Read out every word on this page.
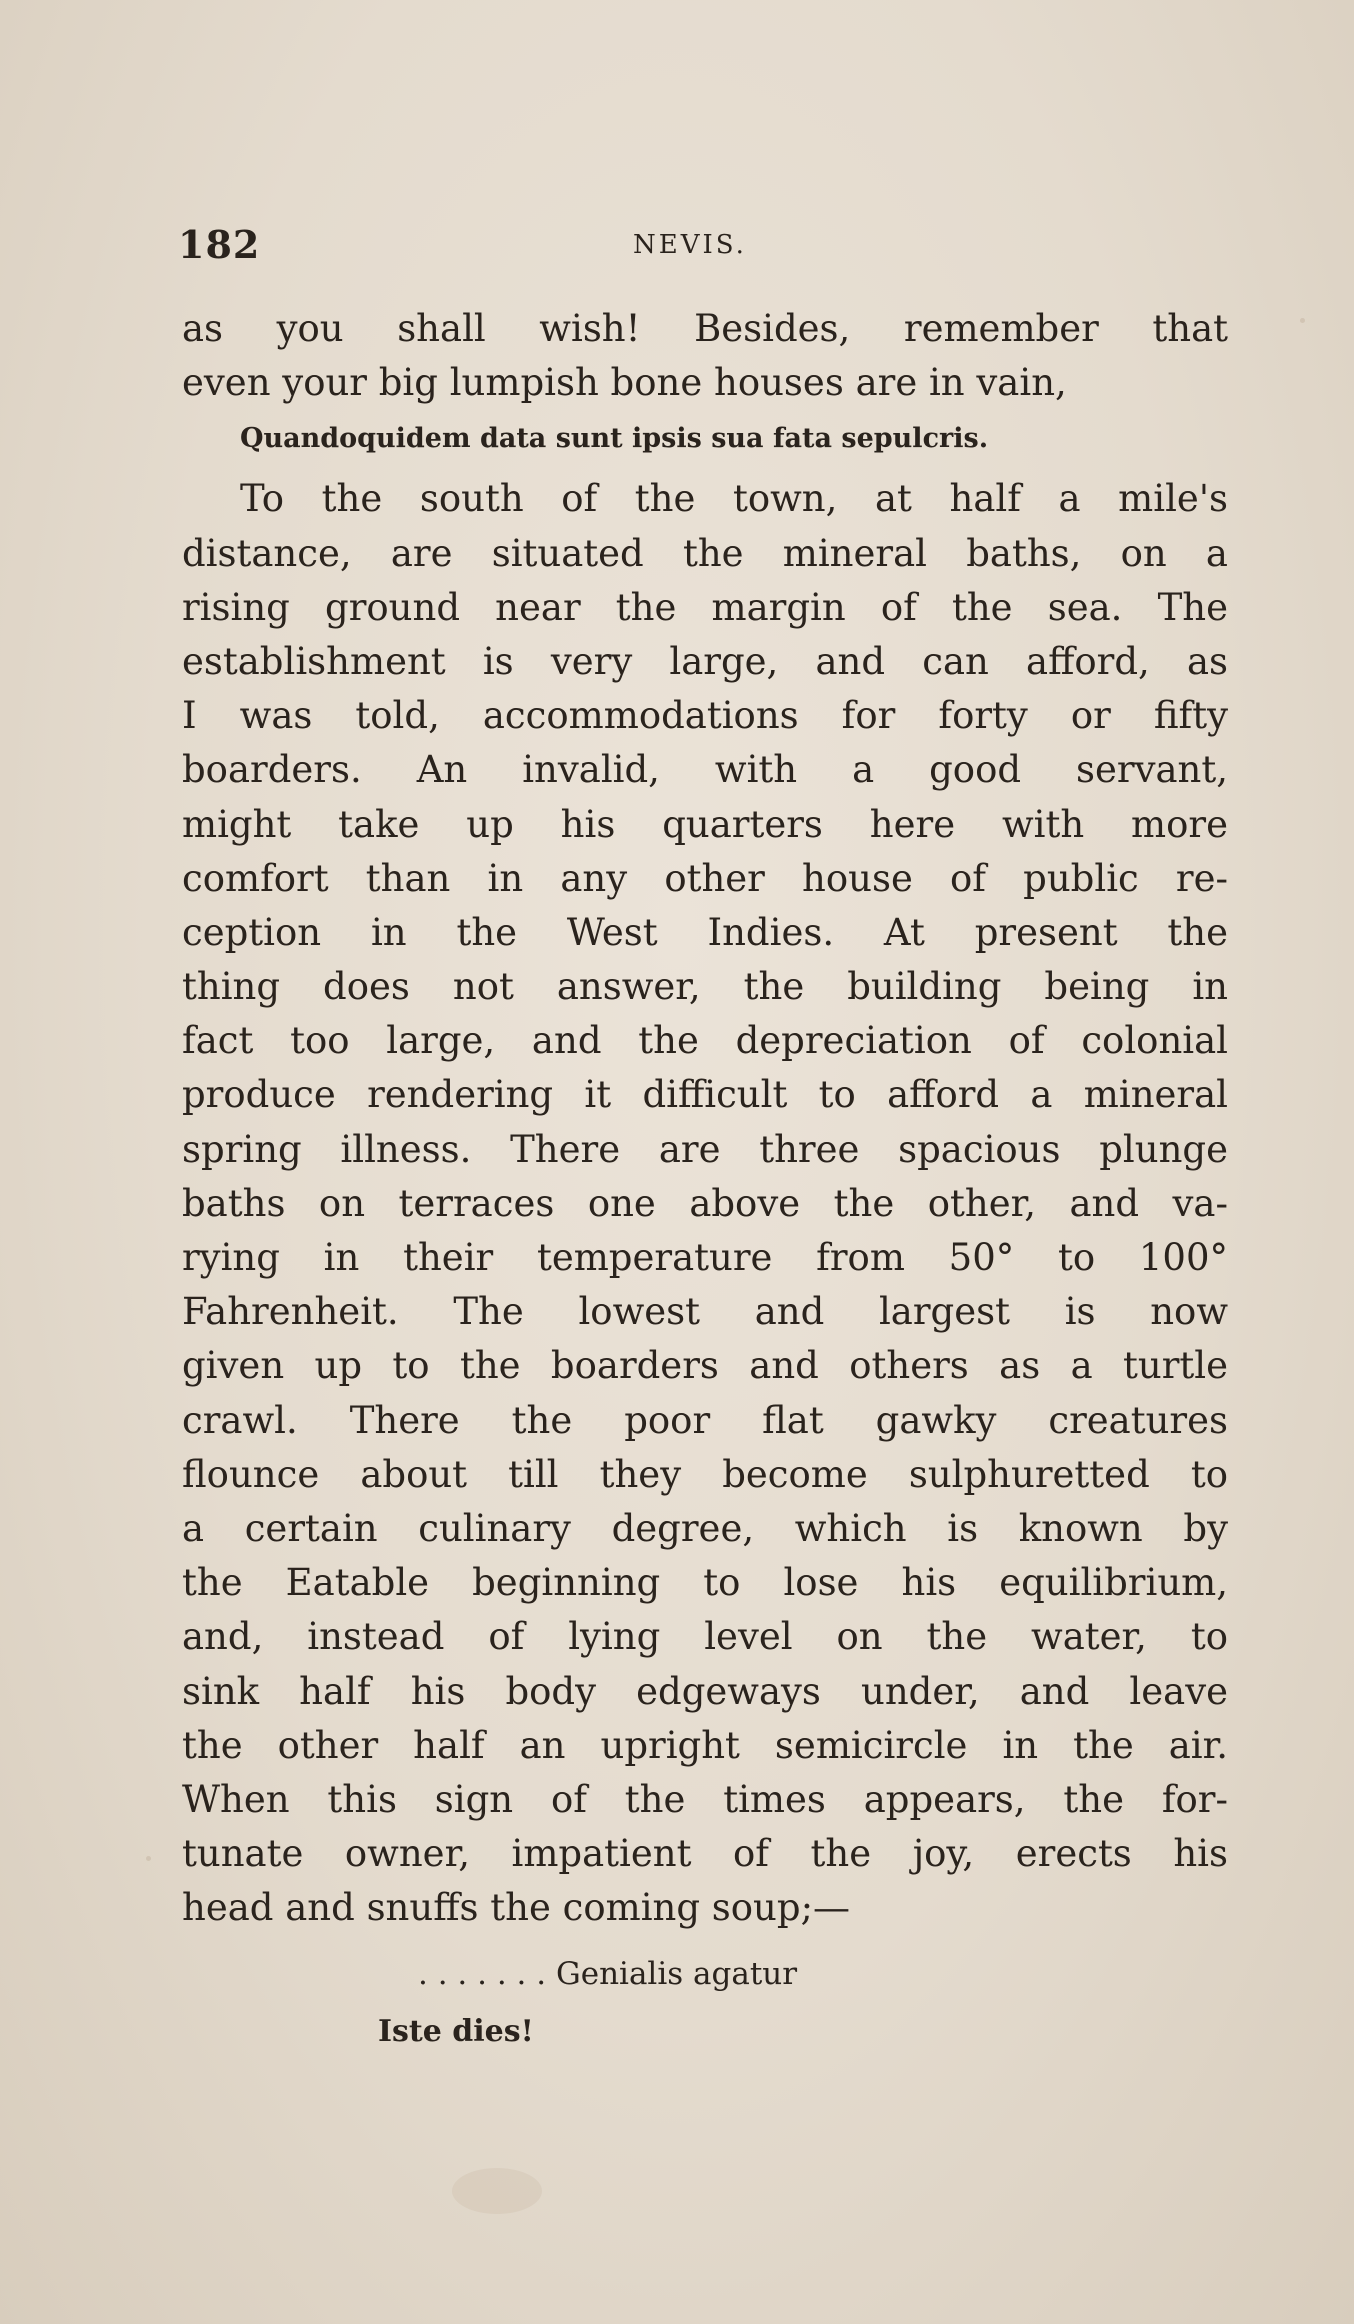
182	NEVIS.
as you shall wish! Besides, remember that
even your big lumpish bone houses are in vain,
Quandoquidem data sunt ipsis sua fata sepulcris.
To the south of the town, at half a mile's
distance, are situated the mineral baths, on a
rising ground near the margin of the sea. The
establishment is very large, and can afford, as
I was told, accommodations for forty or fifty
boarders. An invalid, with a good servant,
might take up his quarters here with more
comfort than in any other house of public re-
ception in the West Indies. At present the
thing does not answer, the building being in
fact too large, and the depreciation of colonial
produce rendering it difficult to afford a mineral
spring illness. There are three spacious plunge
baths on terraces one above the other, and va-
rying in their temperature from 50° to 100°
Fahrenheit. The lowest and largest is now
given up to the boarders and others as a turtle
crawl. There the poor flat gawky creatures
flounce about till they become sulphuretted to
a certain culinary degree, which is known by
the Eatable beginning to lose his equilibrium,
and, instead of lying level on the water, to
sink half his body edgeways under, and leave
the other half an upright semicircle in the air.
When this sign of the times appears, the for-
tunate owner, impatient of the joy, erects his
head and snuffs the coming soup;—
. . . . . . . Genialis agatur
Iste dies!
